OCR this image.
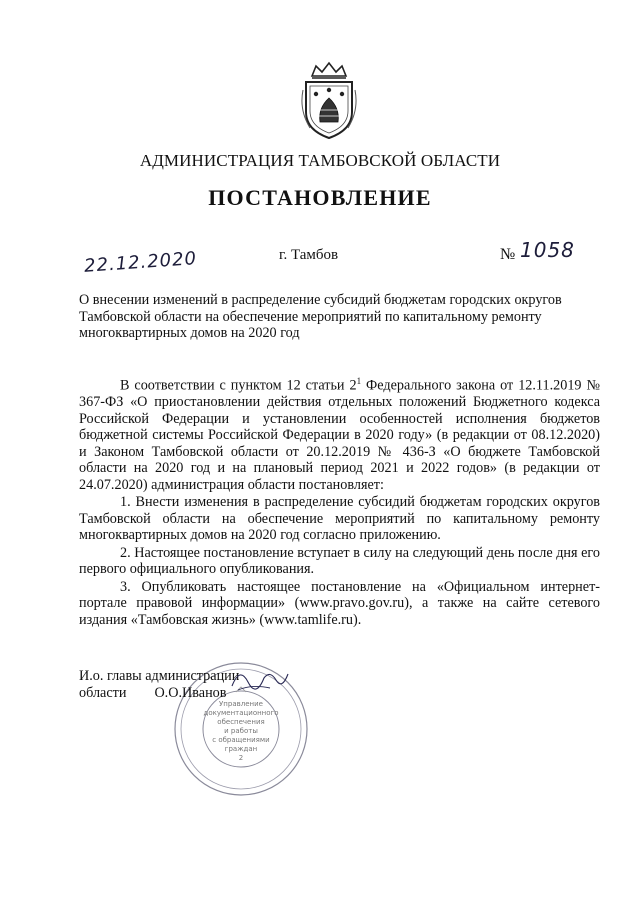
АДМИНИСТРАЦИЯ ТАМБОВСКОЙ ОБЛАСТИ
ПОСТАНОВЛЕНИЕ
22.12.2020	г. Тамбов	№ 1058

О внесении изменений в распределение субсидий бюджетам городских округов

Тамбовской области на обеспечение мероприятий по капитальному ремонту

многоквартирных домов на 2020 год

В соответствии с пунктом 12 статьи $2^1$ Федерального закона от 12.11.2019 № 367-ФЗ «О приостановлении действия отдельных положений Бюджетного кодекса Российской Федерации и установлении особенностей исполнения бюджетов бюджетной системы Российской Федерации в 2020 году» (в редакции от 08.12.2020) и Законом Тамбовской области от 20.12.2019 № 436-З «О бюджете Тамбовской области на 2020 год и на плановый период 2021 и 2022 годов» (в редакции от 24.07.2020) администрация области постановляет:

1. Внести изменения в распределение субсидий бюджетам городских округов Тамбовской области на обеспечение мероприятий по капитальному ремонту многоквартирных домов на 2020 год согласно приложению.

2. Настоящее постановление вступает в силу на следующий день после дня его первого официального опубликования.

3. Опубликовать настоящее постановление на «Официальном интернет-портале правовой информации» (www.pravo.gov.ru), а также на сайте сетевого издания «Тамбовская жизнь» (www.tamlife.ru).

Управление
документационного
обеспечения
и работы
с обращениями
граждан
2
И.о. главы администрации
области О.О.Иванов
